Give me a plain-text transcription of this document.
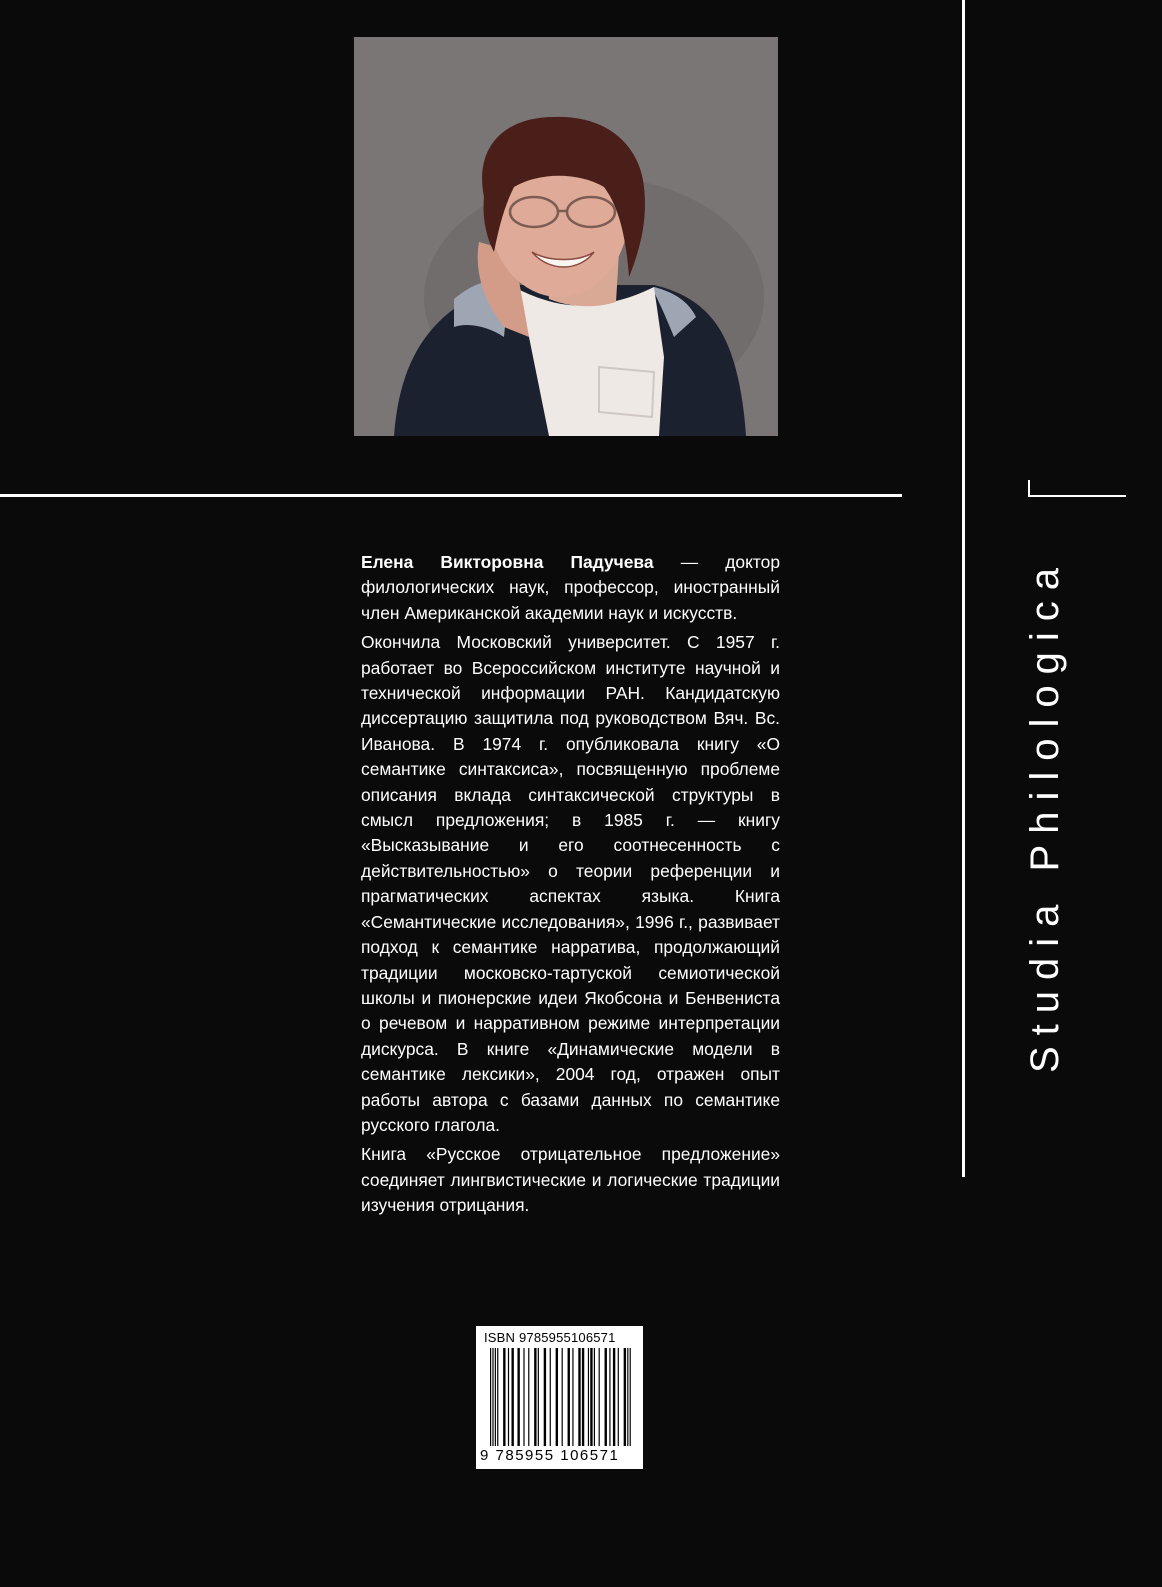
Studia Philologica

Елена Викторовна Падучева — доктор филологических наук, профессор, иностранный член Американской академии наук и искусств.

Окончила Московский университет. С 1957 г. работает во Всероссийском институте научной и технической информации РАН. Кандидатскую диссертацию защитила под руководством Вяч. Вс. Иванова. В 1974 г. опубликовала книгу «О семантике синтаксиса», посвященную проблеме описания вклада синтаксической структуры в смысл предложения; в 1985 г. — книгу «Высказывание и его соотнесенность с действительностью» о теории референции и прагматических аспектах языка. Книга «Семантические исследования», 1996 г., развивает подход к семантике нарратива, продолжающий традиции московско-тартуской семиотической школы и пионерские идеи Якобсона и Бенвениста о речевом и нарративном режиме интерпретации дискурса. В книге «Динамические модели в семантике лексики», 2004 год, отражен опыт работы автора с базами данных по семантике русского глагола.

Книга «Русское отрицательное предложение» соединяет лингвистические и логические традиции изучения отрицания.

ISBN 9785955106571
9 785955 106571
